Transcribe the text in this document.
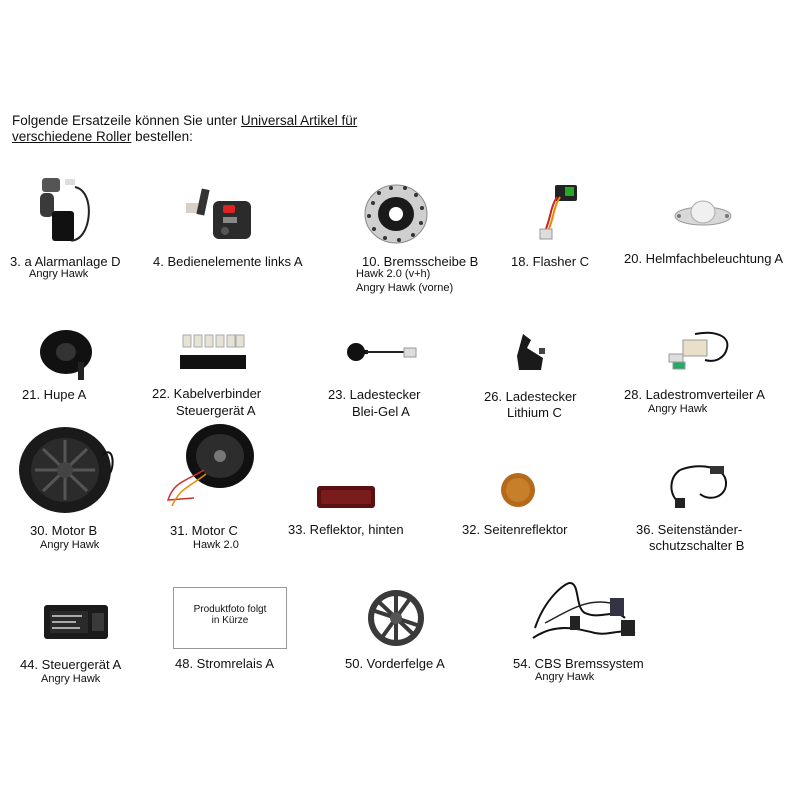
Folgende Ersatzeile können Sie unter Universal Artikel für
verschiedene Roller bestellen:
3. a Alarmanlage D
Angry Hawk
4. Bedienelemente links A	10. Bremsscheibe B
Hawk 2.0 (v+h)
Angry Hawk (vorne)
18. Flasher C	20. Helmfachbeleuchtung A
21. Hupe A	22. Kabelverbinder
Steuergerät A
23. Ladestecker
Blei-Gel A
26. Ladestecker
Lithium C
28. Ladestromverteiler A
Angry Hawk
30. Motor B
Angry Hawk
31. Motor C
Hawk 2.0
33. Reflektor, hinten	32. Seitenreflektor	36. Seitenständer-
schutzschalter B
44. Steuergerät A
Angry Hawk
Produktfoto folgt
in Kürze
48. Stromrelais A	50. Vorderfelge A	54. CBS Bremssystem
Angry Hawk
